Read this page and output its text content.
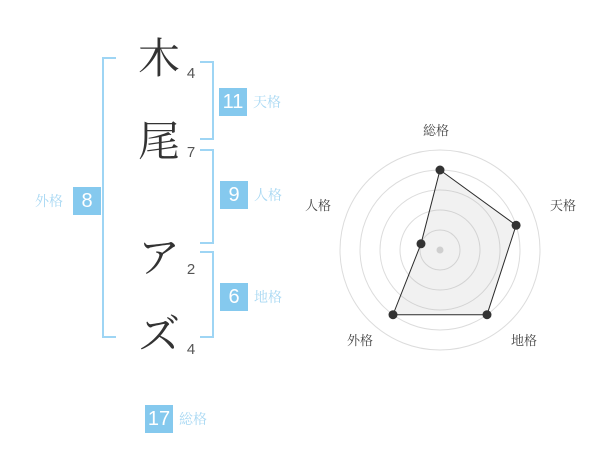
木
尾
ア
ズ
4
7
2
4
外格 8
11 天格
9	人格
6	地格
17 総格
総格
天格
地格
外格
人格
